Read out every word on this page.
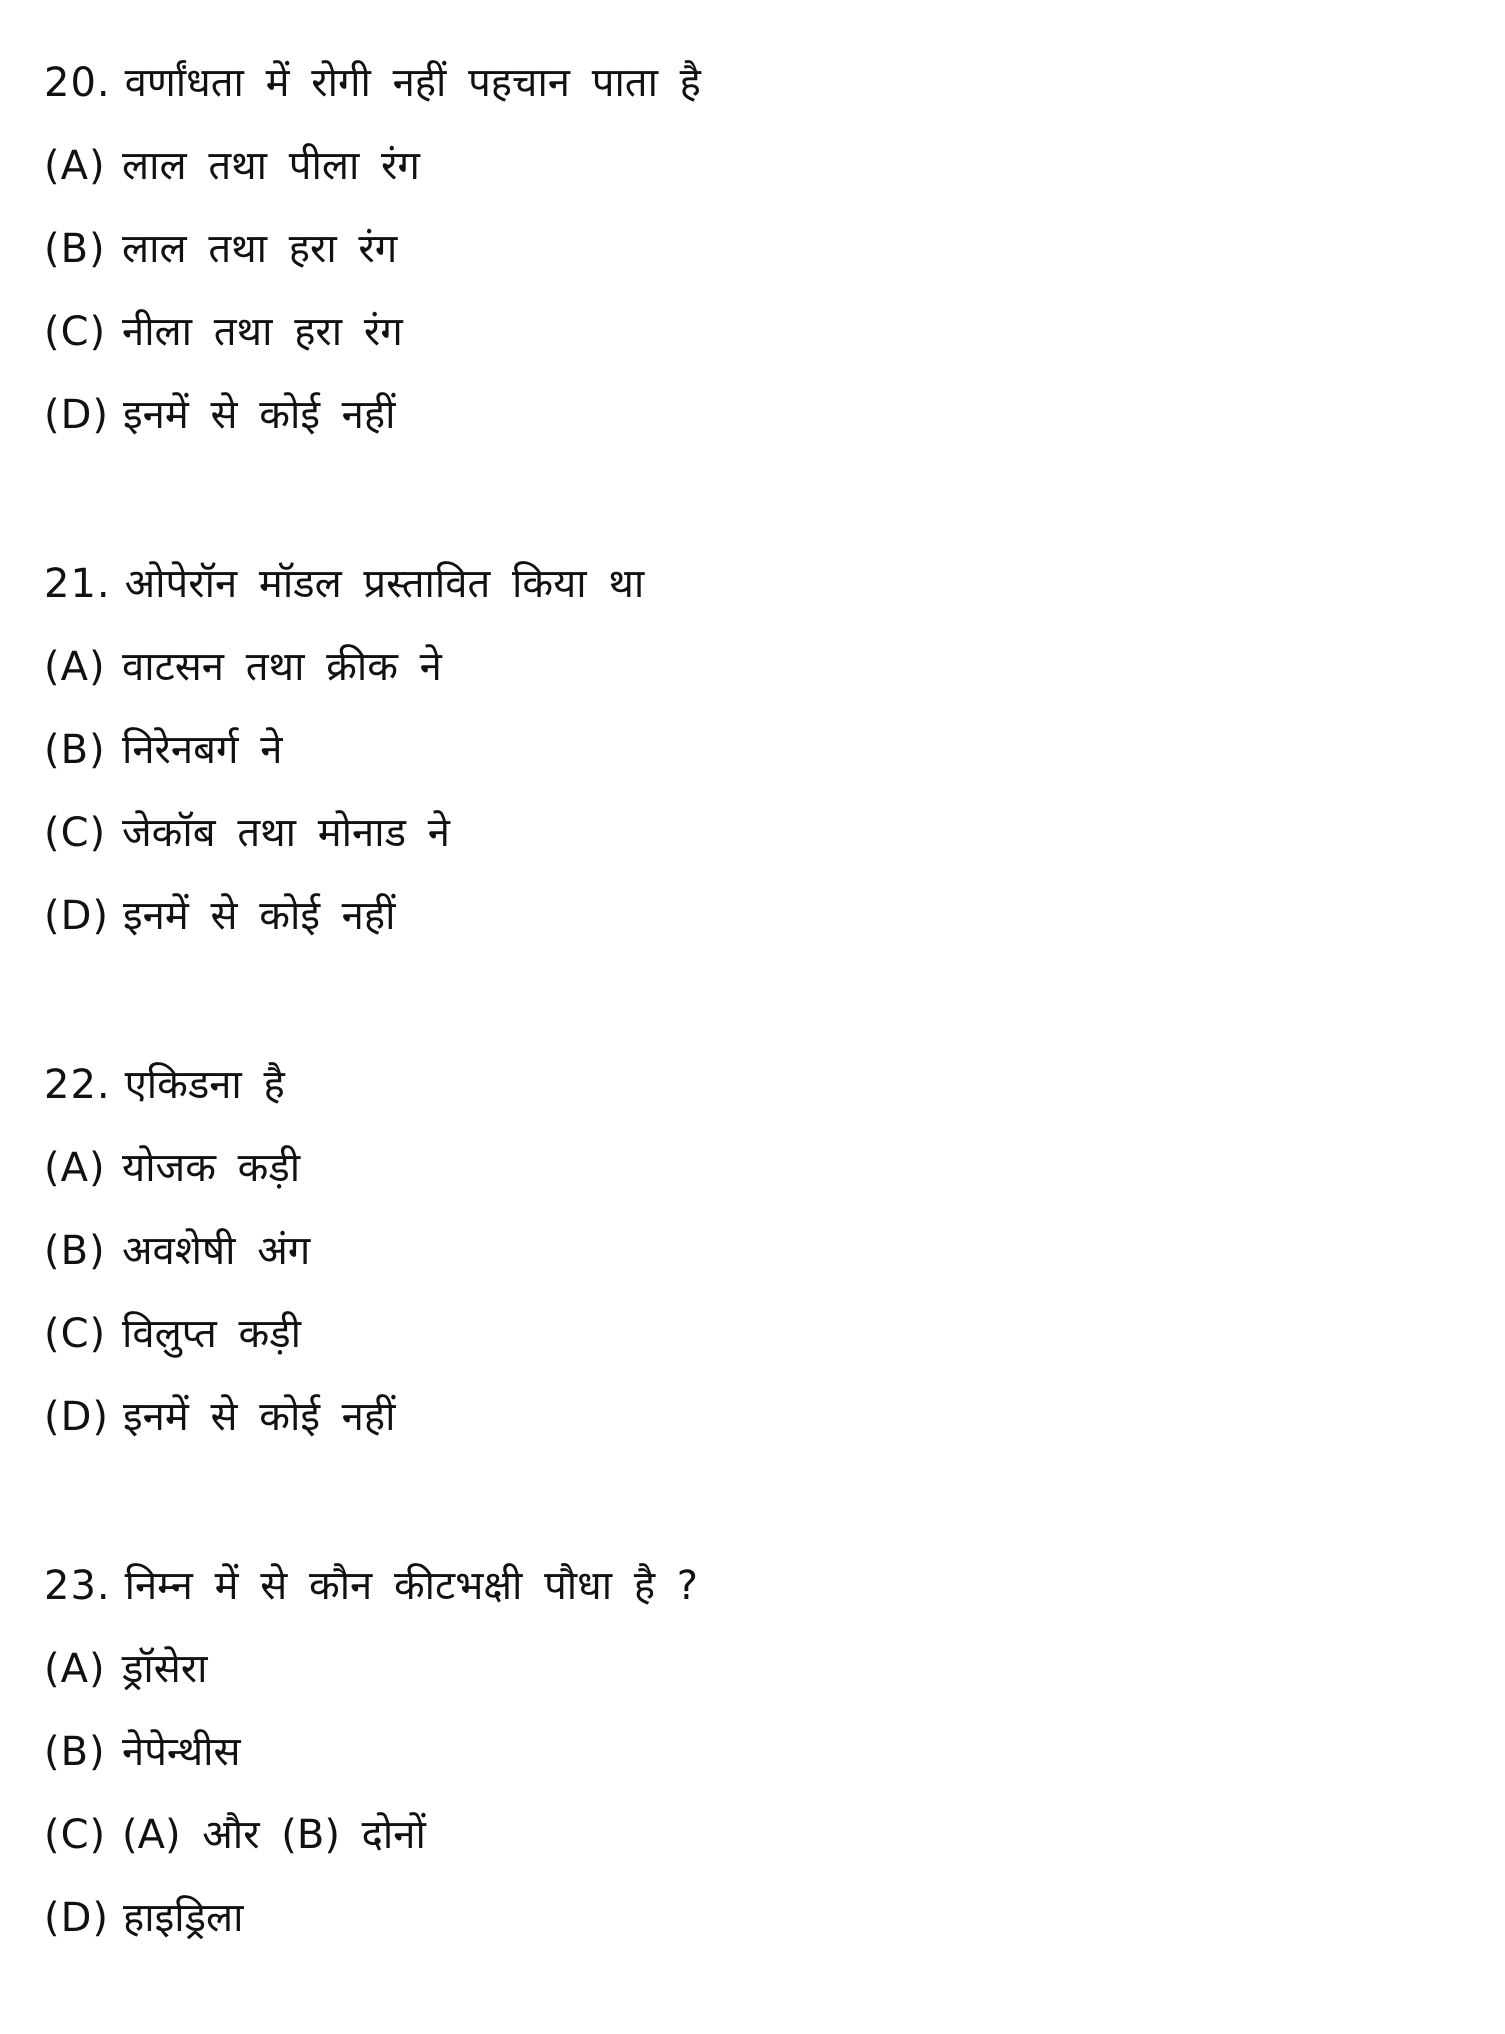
20. वर्णांधता में रोगी नहीं पहचान पाता है
(A) लाल तथा पीला रंग
(B) लाल तथा हरा रंग
(C) नीला तथा हरा रंग
(D) इनमें से कोई नहीं
21. ओपेरॉन मॉडल प्रस्तावित किया था
(A) वाटसन तथा क्रीक ने
(B) निरेनबर्ग ने
(C) जेकॉब तथा मोनाड ने
(D) इनमें से कोई नहीं
22. एकिडना है
(A) योजक कड़ी
(B) अवशेषी अंग
(C) विलुप्त कड़ी
(D) इनमें से कोई नहीं
23. निम्न में से कौन कीटभक्षी पौधा है ?
(A) ड्रॉसेरा
(B) नेपेन्थीस
(C) (A) और (B) दोनों
(D) हाइड्रिला
